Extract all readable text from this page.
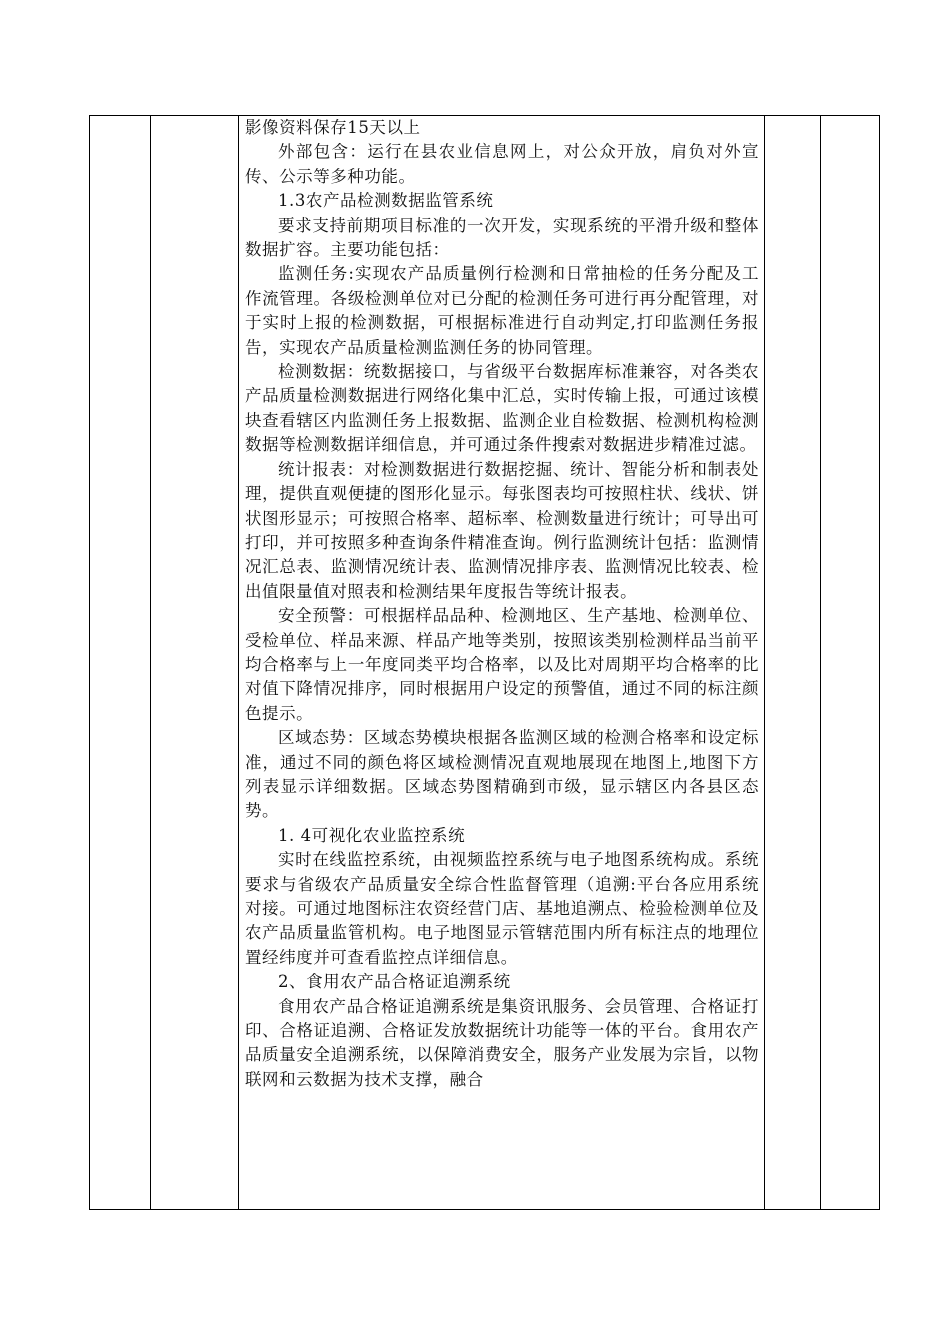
影像资料保存15天以上

外部包含：运行在县农业信息网上，对公众开放，肩负对外宣传、公示等多种功能。

1.3农产品检测数据监管系统

要求支持前期项目标准的一次开发，实现系统的平滑升级和整体数据扩容。主要功能包括：

监测任务:实现农产品质量例行检测和日常抽检的任务分配及工作流管理。各级检测单位对已分配的检测任务可进行再分配管理，对于实时上报的检测数据，可根据标准进行自动判定,打印监测任务报告，实现农产品质量检测监测任务的协同管理。

检测数据：统数据接口，与省级平台数据库标准兼容，对各类农产品质量检测数据进行网络化集中汇总，实时传输上报，可通过该模块查看辖区内监测任务上报数据、监测企业自检数据、检测机构检测数据等检测数据详细信息，并可通过条件搜索对数据进步精准过滤。

统计报表：对检测数据进行数据挖掘、统计、智能分析和制表处理，提供直观便捷的图形化显示。每张图表均可按照柱状、线状、饼状图形显示；可按照合格率、超标率、检测数量进行统计；可导出可打印，并可按照多种查询条件精准查询。例行监测统计包括：监测情况汇总表、监测情况统计表、监测情况排序表、监测情况比较表、检出值限量值对照表和检测结果年度报告等统计报表。

安全预警：可根据样品品种、检测地区、生产基地、检测单位、受检单位、样品来源、样品产地等类别，按照该类别检测样品当前平均合格率与上一年度同类平均合格率，以及比对周期平均合格率的比对值下降情况排序，同时根据用户设定的预警值，通过不同的标注颜色提示。

区域态势：区域态势模块根据各监测区域的检测合格率和设定标准，通过不同的颜色将区域检测情况直观地展现在地图上,地图下方列表显示详细数据。区域态势图精确到市级，显示辖区内各县区态势。

1. 4可视化农业监控系统

实时在线监控系统，由视频监控系统与电子地图系统构成。系统要求与省级农产品质量安全综合性监督管理（追溯:平台各应用系统对接。可通过地图标注农资经营门店、基地追溯点、检验检测单位及农产品质量监管机构。电子地图显示管辖范围内所有标注点的地理位置经纬度并可查看监控点详细信息。

2、食用农产品合格证追溯系统

食用农产品合格证追溯系统是集资讯服务、会员管理、合格证打印、合格证追溯、合格证发放数据统计功能等一体的平台。食用农产品质量安全追溯系统，以保障消费安全，服务产业发展为宗旨，以物联网和云数据为技术支撑，融合
